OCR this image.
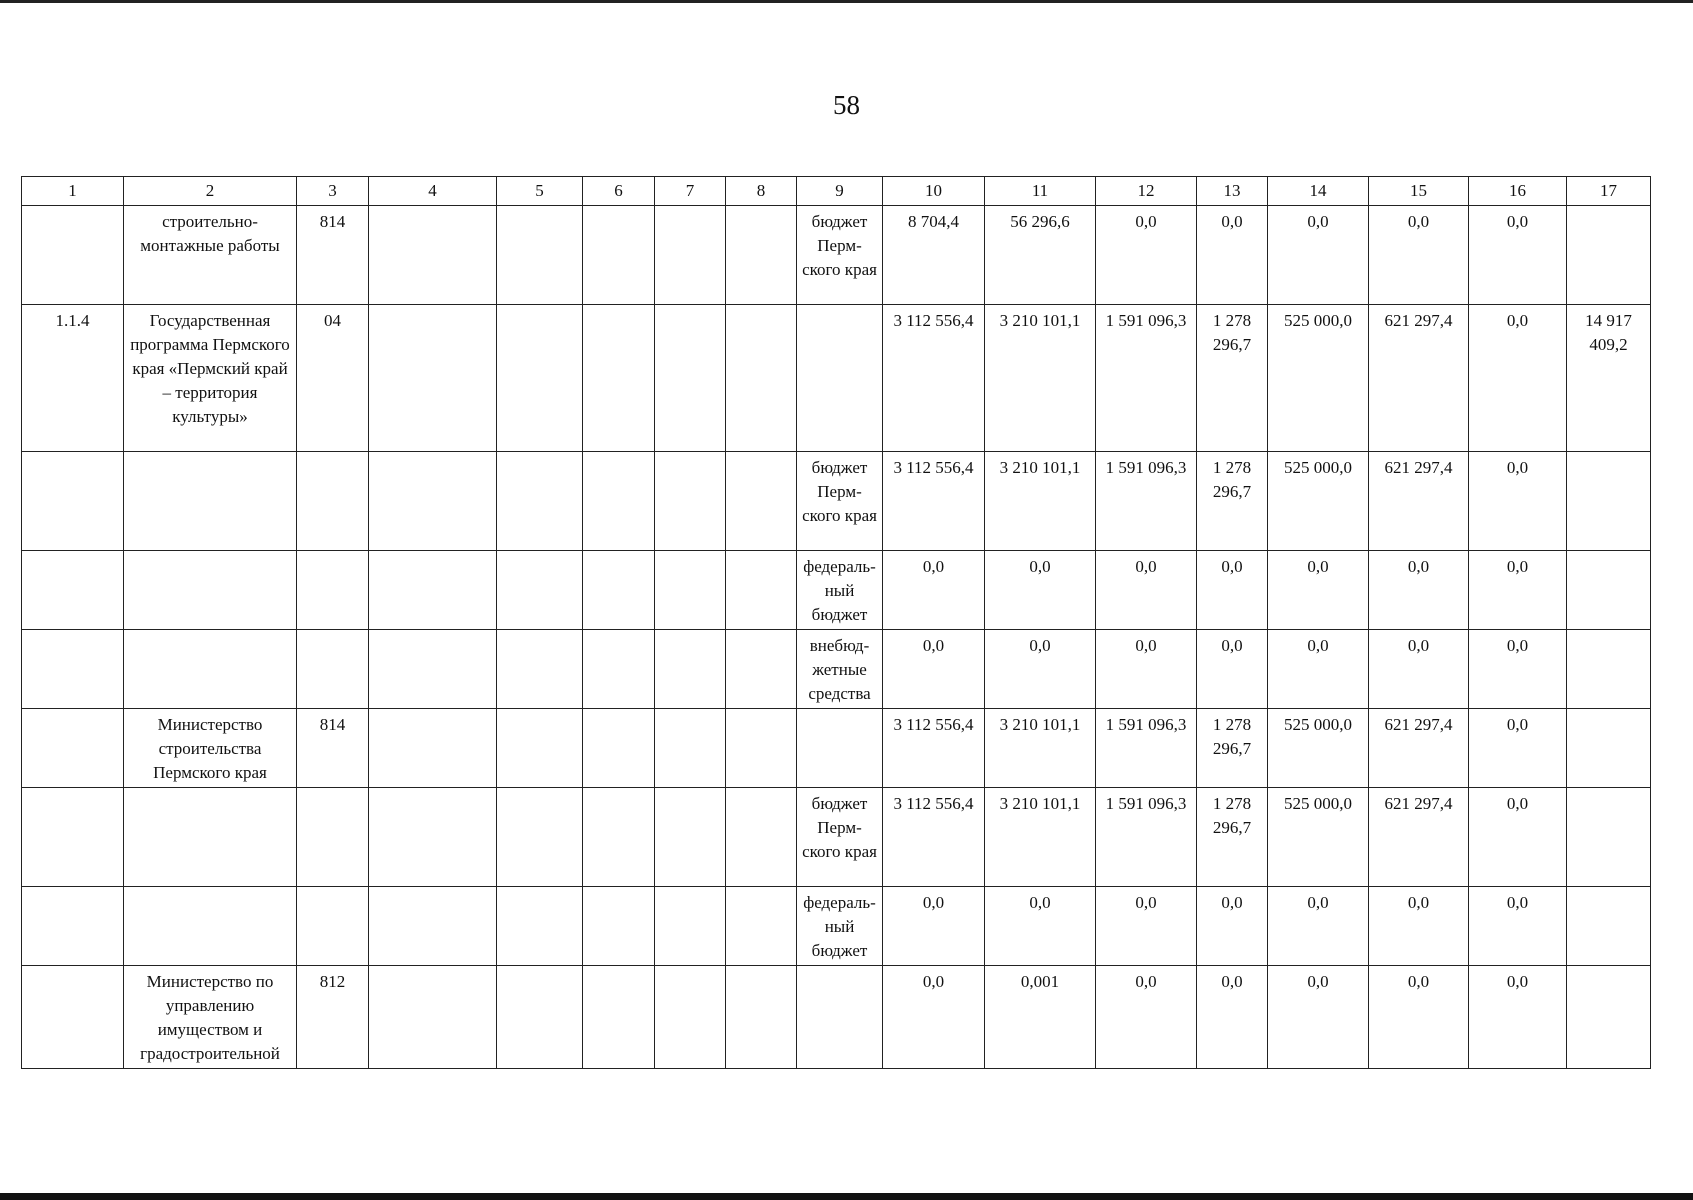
58
1	2	3	4	5	6	7	8	9	10	11	12	13	14	15	16	17
	строительно-монтажные работы	814						бюджет Перм-ского края	8 704,4	56 296,6	0,0	0,0	0,0	0,0	0,0	
1.1.4	Государственная программа Пермского края «Пермский край – территория культуры»	04							3 112 556,4	3 210 101,1	1 591 096,3	1 278 296,7	525 000,0	621 297,4	0,0	14 917 409,2
								бюджет Перм-ского края	3 112 556,4	3 210 101,1	1 591 096,3	1 278 296,7	525 000,0	621 297,4	0,0	
								федераль-ный бюджет	0,0	0,0	0,0	0,0	0,0	0,0	0,0	
								внебюд-жетные средства	0,0	0,0	0,0	0,0	0,0	0,0	0,0	
	Министерство строительства Пермского края	814							3 112 556,4	3 210 101,1	1 591 096,3	1 278 296,7	525 000,0	621 297,4	0,0	
								бюджет Перм-ского края	3 112 556,4	3 210 101,1	1 591 096,3	1 278 296,7	525 000,0	621 297,4	0,0	
								федераль-ный бюджет	0,0	0,0	0,0	0,0	0,0	0,0	0,0	
	Министерство по управлению имуществом и градостроительной	812							0,0	0,001	0,0	0,0	0,0	0,0	0,0	
